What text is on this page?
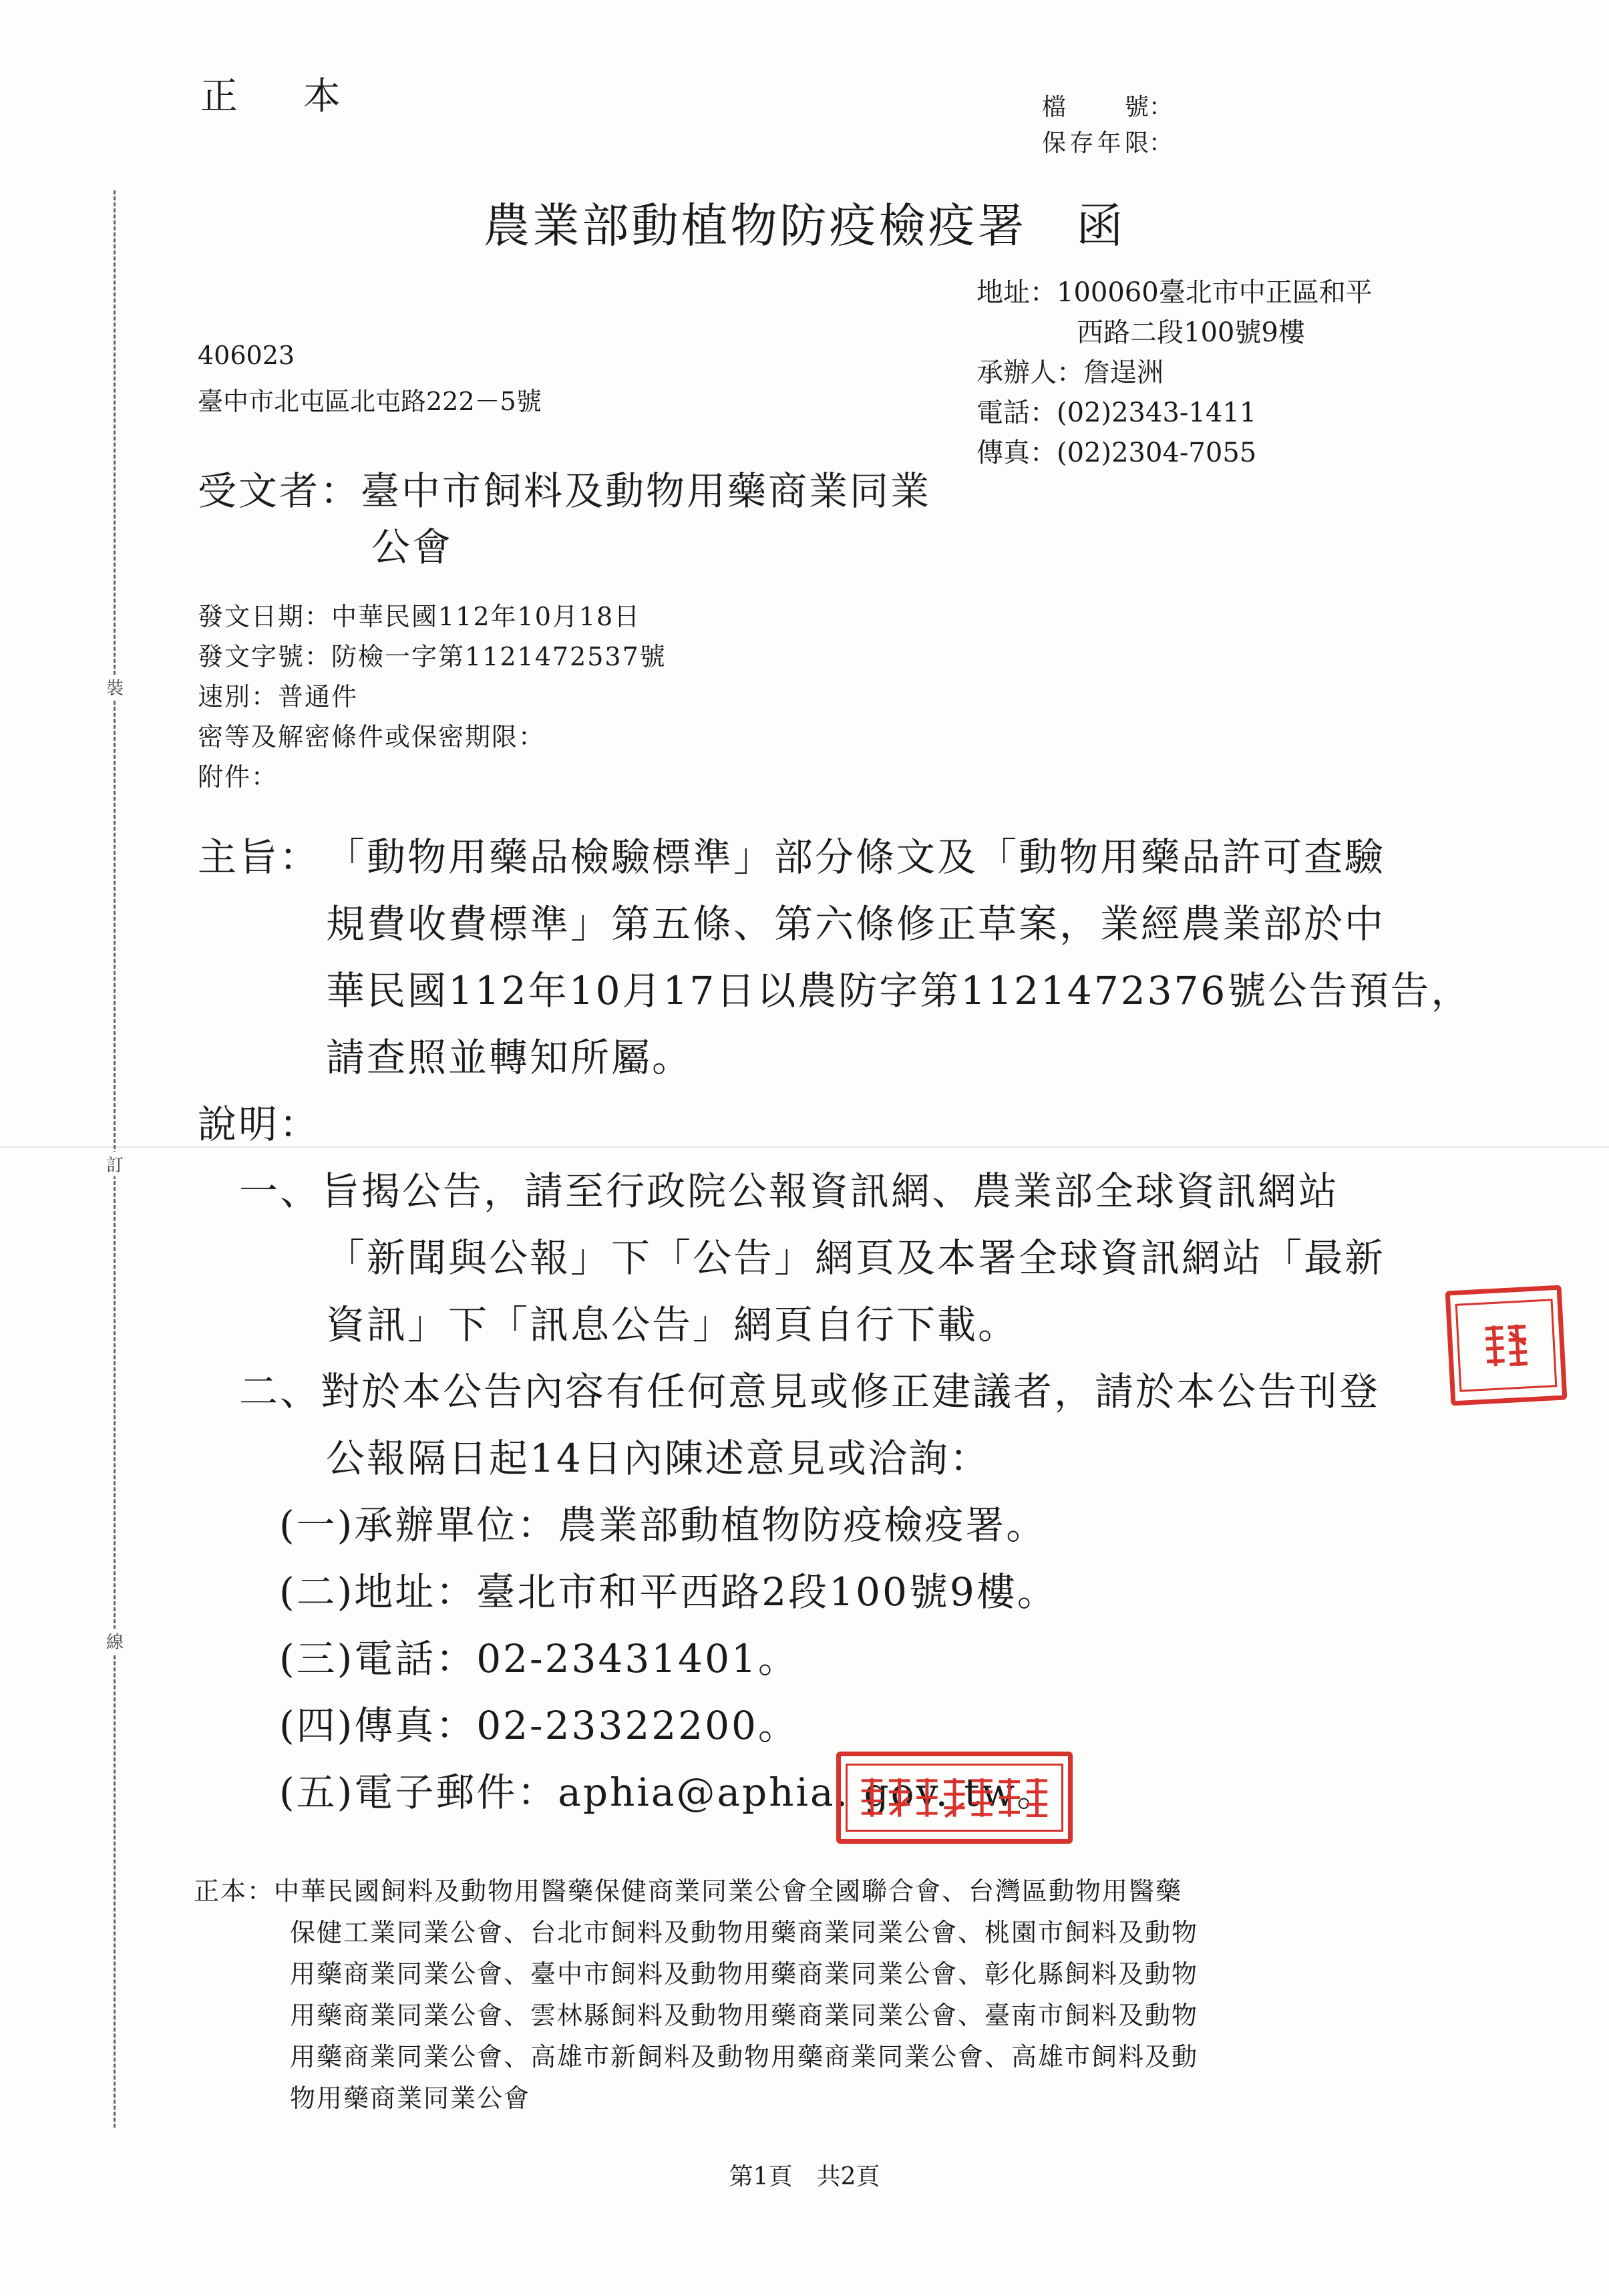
裝
訂
線
正 本	檔 號：
保存年限：
農業部動植物防疫檢疫署　函
地址：100060臺北市中正區和平
西路二段100號9樓
承辦人：詹逞洲
電話：(02)2343-1411
傳真：(02)2304-7055
406023
臺中市北屯區北屯路222－5號
受文者：臺中市飼料及動物用藥商業同業
公會
發文日期：中華民國112年10月18日
發文字號：防檢一字第1121472537號
速別：普通件
密等及解密條件或保密期限：
附件：
主旨： 「動物用藥品檢驗標準」部分條文及「動物用藥品許可查驗
規費收費標準」第五條、第六條修正草案，業經農業部於中
華民國112年10月17日以農防字第1121472376號公告預告，
請查照並轉知所屬。
說明：
一、旨揭公告，請至行政院公報資訊網、農業部全球資訊網站
「新聞與公報」下「公告」網頁及本署全球資訊網站「最新
資訊」下「訊息公告」網頁自行下載。
二、對於本公告內容有任何意見或修正建議者，請於本公告刊登
公報隔日起14日內陳述意見或洽詢：
(一)承辦單位：農業部動植物防疫檢疫署。
(二)地址：臺北市和平西路2段100號9樓。
(三)電話：02-23431401。
(四)傳真：02-23322200。
(五)電子郵件：aphia@aphia. gov. tw。
正本：中華民國飼料及動物用醫藥保健商業同業公會全國聯合會、台灣區動物用醫藥
保健工業同業公會、台北市飼料及動物用藥商業同業公會、桃園市飼料及動物
用藥商業同業公會、臺中市飼料及動物用藥商業同業公會、彰化縣飼料及動物
用藥商業同業公會、雲林縣飼料及動物用藥商業同業公會、臺南市飼料及動物
用藥商業同業公會、高雄市新飼料及動物用藥商業同業公會、高雄市飼料及動
物用藥商業同業公會
第1頁　共2頁
